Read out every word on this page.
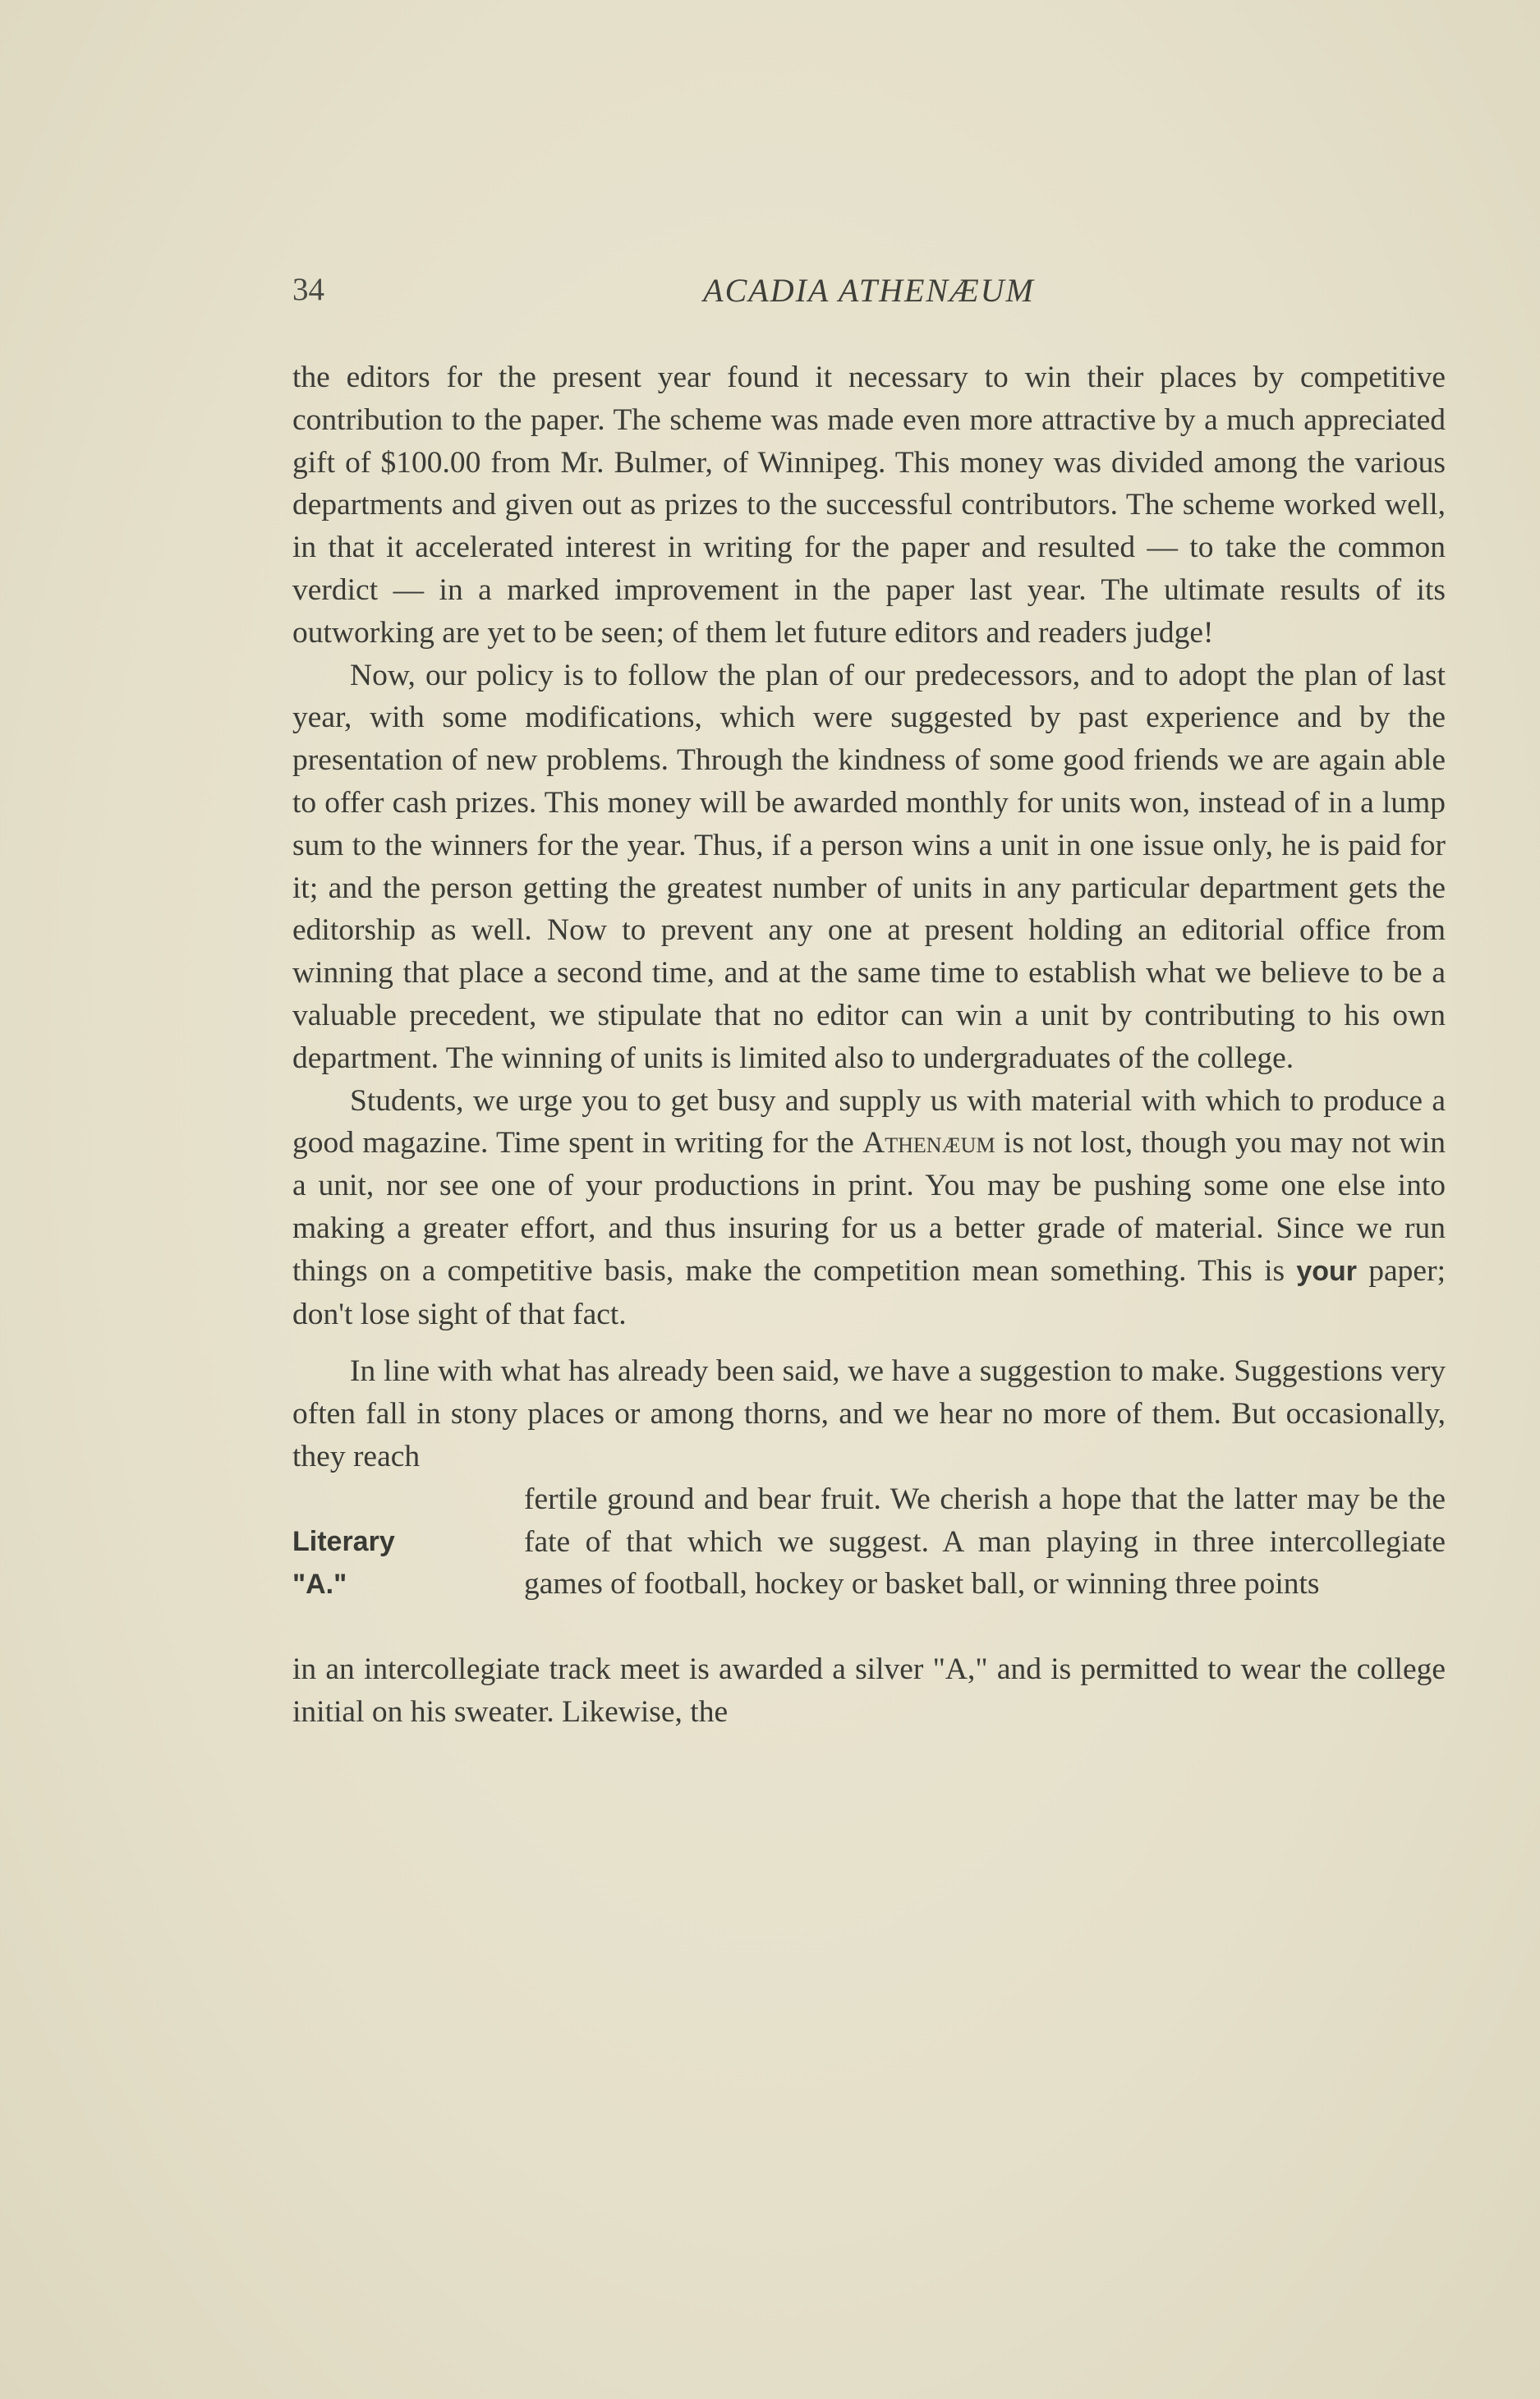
34	ACADIA ATHENÆUM

the editors for the present year found it necessary to win their places by competitive contribution to the paper. The scheme was made even more attractive by a much appreciated gift of $100.00 from Mr. Bulmer, of Winnipeg. This money was divided among the various departments and given out as prizes to the successful contributors. The scheme worked well, in that it accelerated interest in writing for the paper and resulted — to take the common verdict — in a marked improvement in the paper last year. The ultimate results of its outworking are yet to be seen; of them let future editors and readers judge!

Now, our policy is to follow the plan of our predecessors, and to adopt the plan of last year, with some modifications, which were suggested by past experience and by the presentation of new problems. Through the kindness of some good friends we are again able to offer cash prizes. This money will be awarded monthly for units won, instead of in a lump sum to the winners for the year. Thus, if a person wins a unit in one issue only, he is paid for it; and the person getting the greatest number of units in any particular department gets the editorship as well. Now to prevent any one at present holding an editorial office from winning that place a second time, and at the same time to establish what we believe to be a valuable precedent, we stipulate that no editor can win a unit by contributing to his own department. The winning of units is limited also to undergraduates of the college.

Students, we urge you to get busy and supply us with material with which to produce a good magazine. Time spent in writing for the Athenæum is not lost, though you may not win a unit, nor see one of your productions in print. You may be pushing some one else into making a greater effort, and thus insuring for us a better grade of material. Since we run things on a competitive basis, make the competition mean something. This is your paper; don't lose sight of that fact.

In line with what has already been said, we have a suggestion to make. Suggestions very often fall in stony places or among thorns, and we hear no more of them. But occasionally, they reach

Literary
"A."

fertile ground and bear fruit. We cherish a hope that the latter may be the fate of that which we suggest. A man playing in three intercollegiate games of football, hockey or basket ball, or winning three points

in an intercollegiate track meet is awarded a silver "A," and is permitted to wear the college initial on his sweater. Likewise, the
